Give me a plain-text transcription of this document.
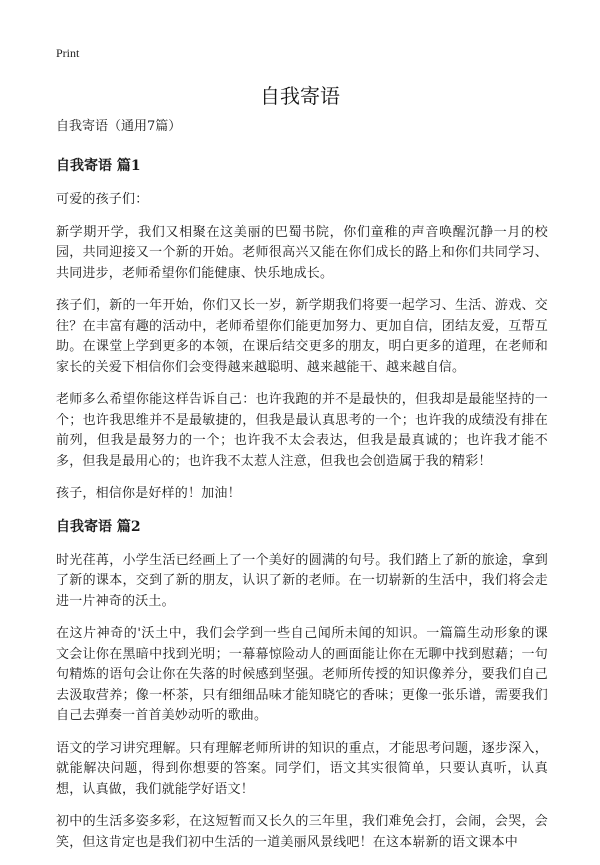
Print
自我寄语
自我寄语（通用7篇）
自我寄语 篇1

可爱的孩子们：

新学期开学，我们又相聚在这美丽的巴蜀书院，你们童稚的声音唤醒沉静一月的校园，共同迎接又一个新的开始。老师很高兴又能在你们成长的路上和你们共同学习、共同进步，老师希望你们能健康、快乐地成长。

孩子们，新的一年开始，你们又长一岁，新学期我们将要一起学习、生活、游戏、交往？在丰富有趣的活动中，老师希望你们能更加努力、更加自信，团结友爱，互帮互助。在课堂上学到更多的本领，在课后结交更多的朋友，明白更多的道理，在老师和家长的关爱下相信你们会变得越来越聪明、越来越能干、越来越自信。

老师多么希望你能这样告诉自己：也许我跑的并不是最快的，但我却是最能坚持的一个；也许我思维并不是最敏捷的，但我是最认真思考的一个；也许我的成绩没有排在前列，但我是最努力的一个；也许我不太会表达，但我是最真诚的；也许我才能不多，但我是最用心的；也许我不太惹人注意，但我也会创造属于我的精彩！

孩子，相信你是好样的！加油！

自我寄语 篇2

时光荏苒，小学生活已经画上了一个美好的圆满的句号。我们踏上了新的旅途，拿到了新的课本，交到了新的朋友，认识了新的老师。在一切崭新的生活中，我们将会走进一片神奇的沃土。

在这片神奇的'沃土中，我们会学到一些自己闻所未闻的知识。一篇篇生动形象的课文会让你在黑暗中找到光明；一幕幕惊险动人的画面能让你在无聊中找到慰藉；一句句精炼的语句会让你在失落的时候感到坚强。老师所传授的知识像养分，要我们自己去汲取营养；像一杯茶，只有细细品味才能知晓它的香味；更像一张乐谱，需要我们自己去弹奏一首首美妙动听的歌曲。

语文的学习讲究理解。只有理解老师所讲的知识的重点，才能思考问题，逐步深入，就能解决问题，得到你想要的答案。同学们，语文其实很简单，只要认真听，认真想，认真做，我们就能学好语文！

初中的生活多姿多彩，在这短暂而又长久的三年里，我们难免会打，会闹，会哭，会笑，但这肯定也是我们初中生活的一道美丽风景线吧！在这本崭新的语文课本中
